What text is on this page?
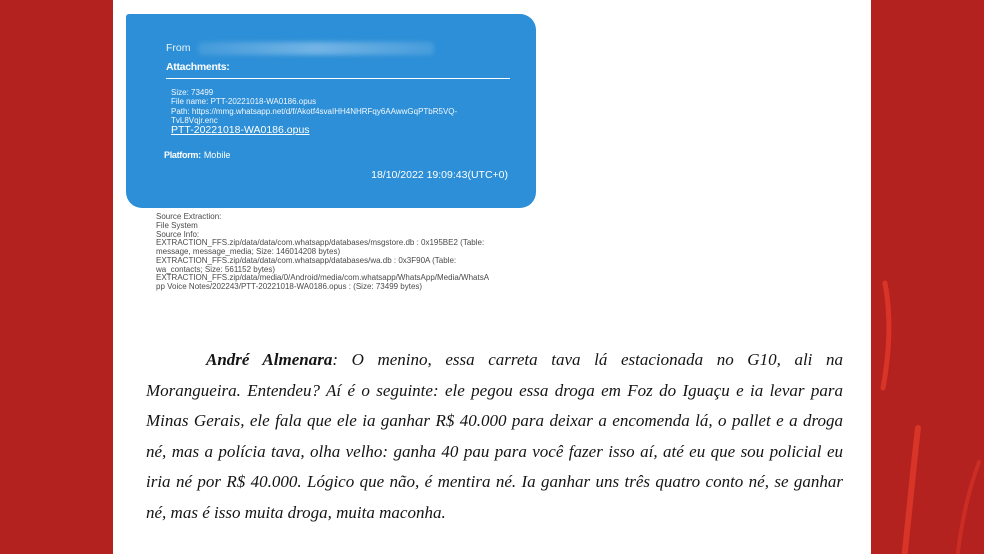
From
Attachments:
Size: 73499
File name: PTT-20221018-WA0186.opus
Path: https://mmg.whatsapp.net/d/f/Akotf4svaIHH4NHRFqy6AAwwGqPTbR5VQ-
TvL8Vqjr.enc
PTT-20221018-WA0186.opus
Platform: Mobile
18/10/2022 19:09:43(UTC+0)
Source Extraction:
File System
Source Info:
EXTRACTION_FFS.zip/data/data/com.whatsapp/databases/msgstore.db : 0x195BE2 (Table:
message, message_media; Size: 146014208 bytes)
EXTRACTION_FFS.zip/data/data/com.whatsapp/databases/wa.db : 0x3F90A (Table:
wa_contacts; Size: 561152 bytes)
EXTRACTION_FFS.zip/data/media/0/Android/media/com.whatsapp/WhatsApp/Media/WhatsA
pp Voice Notes/202243/PTT-20221018-WA0186.opus : (Size: 73499 bytes)
André Almenara: O menino, essa carreta tava lá estacionada no G10, ali na
Morangueira. Entendeu? Aí é o seguinte: ele pegou essa droga em Foz do Iguaçu e ia levar para
Minas Gerais, ele fala que ele ia ganhar R$ 40.000 para deixar a encomenda lá, o pallet e a droga
né, mas a polícia tava, olha velho: ganha 40 pau para você fazer isso aí, até eu que sou policial eu
iria né por R$ 40.000. Lógico que não, é mentira né. Ia ganhar uns três quatro conto né, se ganhar
né, mas é isso muita droga, muita maconha.
